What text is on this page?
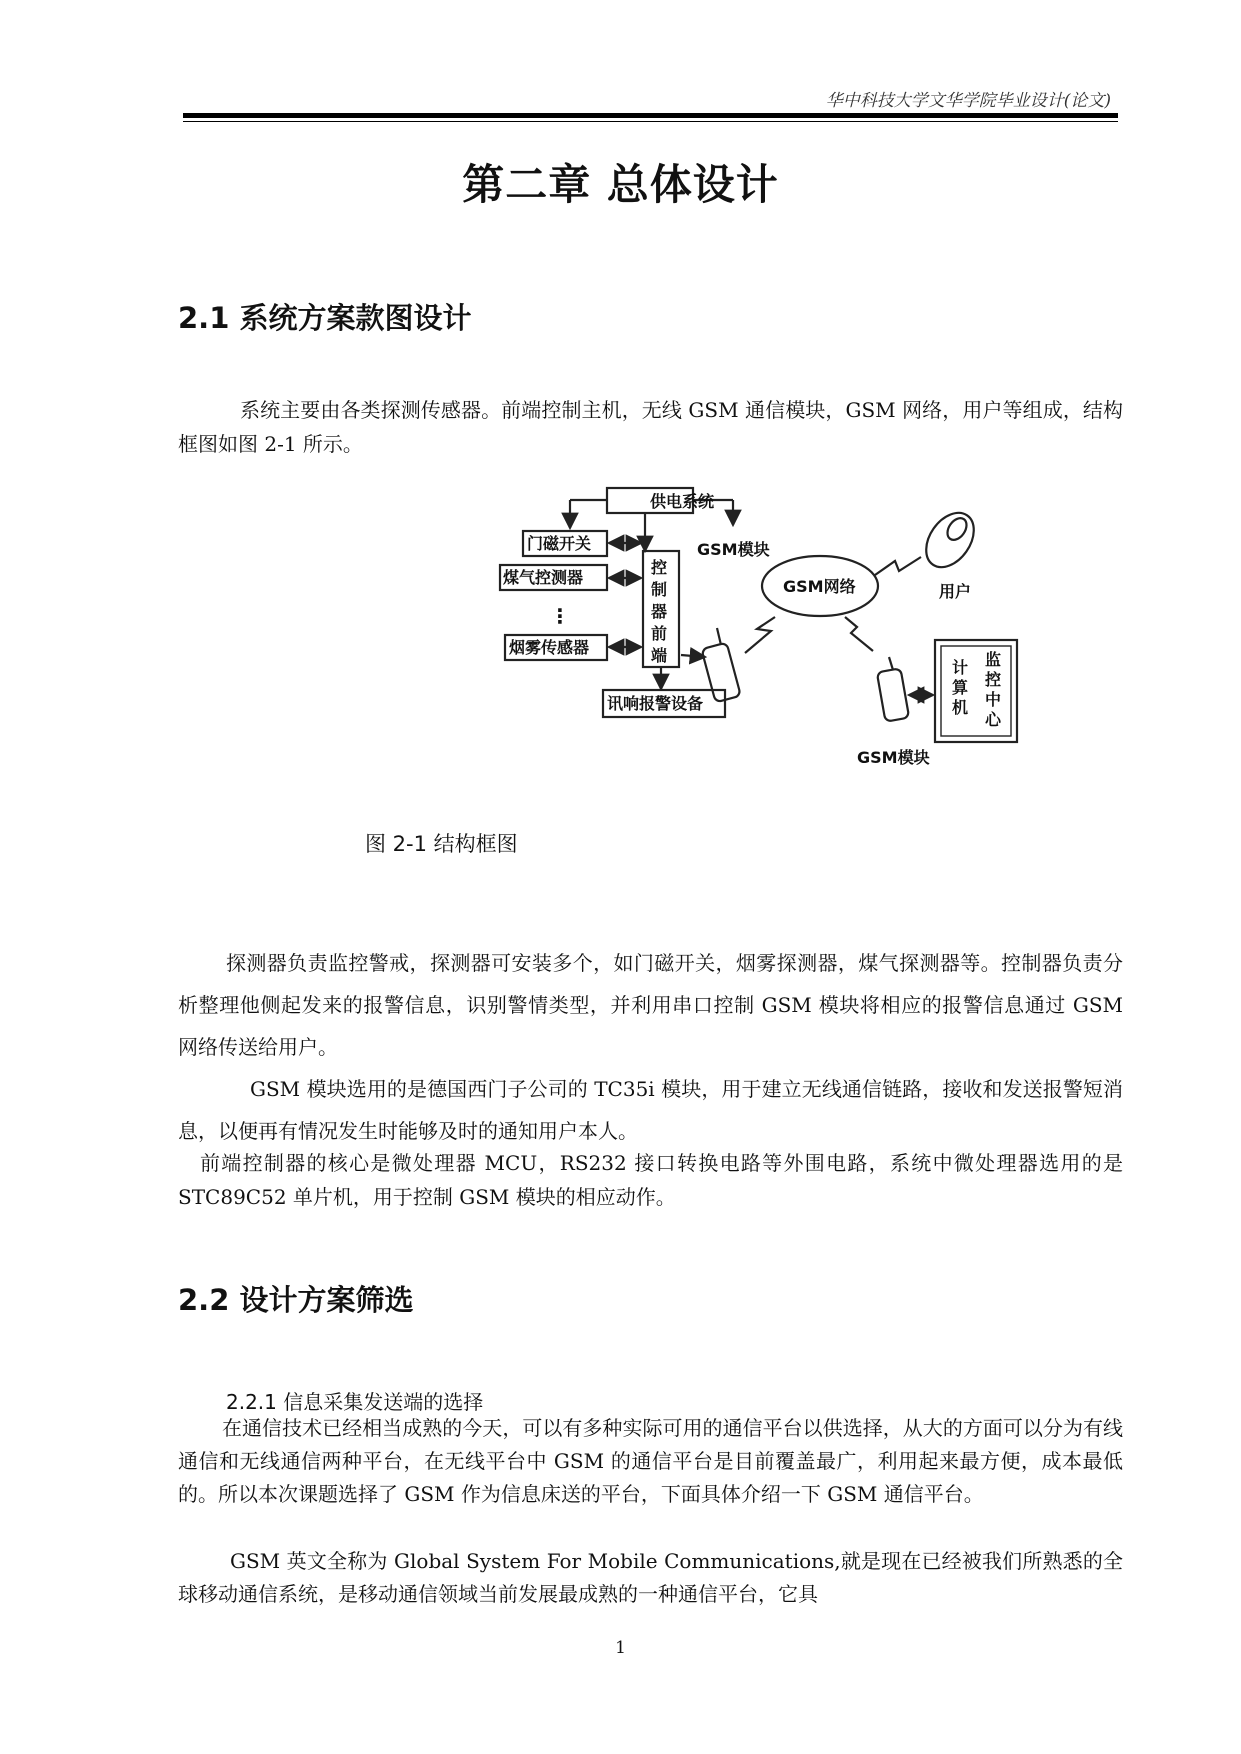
华中科技大学文华学院毕业设计(论文)
第二章 总体设计
2.1 系统方案款图设计
系统主要由各类探测传感器。前端控制主机，无线 GSM 通信模块，GSM 网络，用户等组成，结构框图如图 2-1 所示。
供电系统
门磁开关
煤气控测器
⋮
烟雾传感器
控
制
器
前
端
讯响报警设备
GSM模块
GSM网络	用户
计
算
机
监
控
中
心
GSM模块
图 2-1 结构框图
探测器负责监控警戒，探测器可安装多个，如门磁开关，烟雾探测器，煤气探测器等。控制器负责分析整理他侧起发来的报警信息，识别警情类型，并利用串口控制 GSM 模块将相应的报警信息通过 GSM 网络传送给用户。
GSM 模块选用的是德国西门子公司的 TC35i 模块，用于建立无线通信链路，接收和发送报警短消息，以便再有情况发生时能够及时的通知用户本人。
前端控制器的核心是微处理器 MCU，RS232 接口转换电路等外围电路，系统中微处理器选用的是 STC89C52 单片机，用于控制 GSM 模块的相应动作。
2.2 设计方案筛选
2.2.1 信息采集发送端的选择
在通信技术已经相当成熟的今天，可以有多种实际可用的通信平台以供选择，从大的方面可以分为有线通信和无线通信两种平台，在无线平台中 GSM 的通信平台是目前覆盖最广，利用起来最方便，成本最低的。所以本次课题选择了 GSM 作为信息床送的平台，下面具体介绍一下 GSM 通信平台。
GSM 英文全称为 Global System For Mobile Communications,就是现在已经被我们所熟悉的全球移动通信系统，是移动通信领域当前发展最成熟的一种通信平台，它具
1
